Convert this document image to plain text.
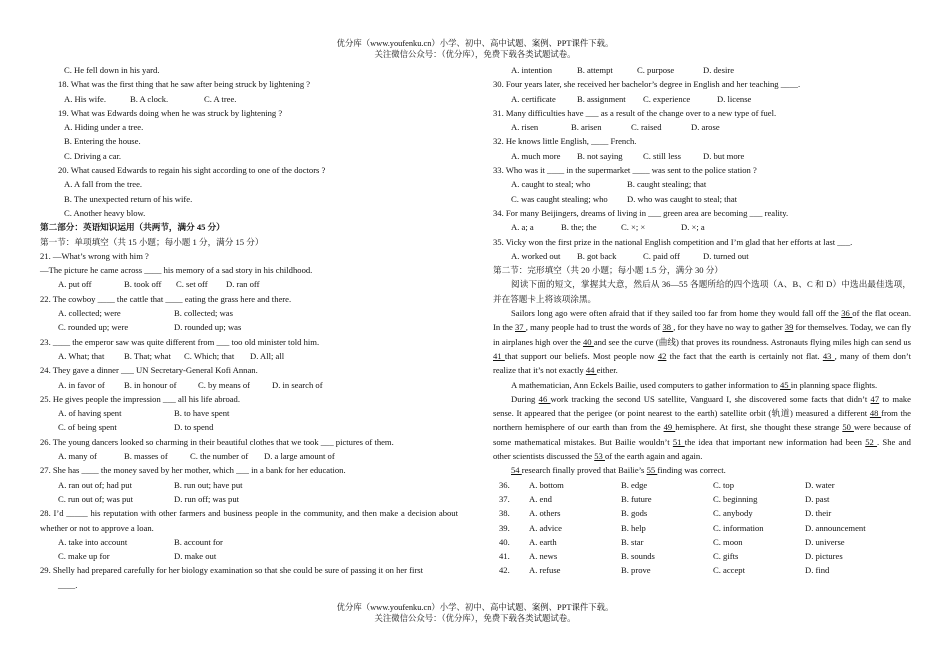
优分库（www.youfenku.cn）小学、初中、高中试题、案例、PPT课件下载。
关注微信公众号：（优分库），免费下载各类试题试卷。
C. He fell down in his yard.
18. What was the first thing that he saw after being struck by lightening ?
A. His wife.	B. A clock.	C. A tree.
19. What was Edwards doing when he was struck by lightening ?
A. Hiding under a tree.
B. Entering the house.
C. Driving a car.
20. What caused Edwards to regain his sight according to one of the doctors ?
A. A fall from the tree.
B. The unexpected return of his wife.
C. Another heavy blow.
第二部分：英语知识运用（共两节，满分 45 分）
第一节：单项填空（共 15 小题；每小题 1 分，满分 15 分）
21. —What’s wrong with him ?
—The picture he came across ____ his memory of a sad story in his childhood.
A. put off	B. took off C. set off D. ran off
22. The cowboy ____ the cattle that ____ eating the grass here and there.
A. collected; were	B. collected; was
C. rounded up; were	D. rounded up; was
23. ____ the emperor saw was quite different from ___ too old minister told him.
A. What; that B. That; what C. Which; that D. All; all
24. They gave a dinner ___ UN Secretary-General Kofi Annan.
A. in favor of B. in honour of C. by means of	D. in search of
25. He gives people the impression ___ all his life abroad.
A. of having spent	B. to have spent
C. of being spent	D. to spend
26. The young dancers looked so charming in their beautiful clothes that we took ___ pictures of them.
A. many of	B. masses of	C. the number of D. a large amount of
27. She has ____ the money saved by her mother, which ___ in a bank for her education.
A. ran out of; had put	B. run out; have put
C. run out of; was put	D. run off; was put
28. I’d _____ his reputation with other farmers and business people in the community, and then make a decision about whether or not to approve a loan.
A. take into account	B. account for
C. make up for	D. make out
29. Shelly had prepared carefully for her biology examination so that she could be sure of passing it on her first
____.
A. intention	B. attempt	C. purpose	D. desire
30. Four years later, she received her bachelor’s degree in English and her teaching ____.
A. certificate B. assignment C. experience	D. license
31. Many difficulties have ___ as a result of the change over to a new type of fuel.
A. risen	B. arisen	C. raised	D. arose
32. He knows little English, ____ French.
A. much more B. not saying C. still less	D. but more
33. Who was it ____ in the supermarket ____ was sent to the police station ?
A. caught to steal; who	B. caught stealing; that
C. was caught stealing; who D. who was caught to steal; that
34. For many Beijingers, dreams of living in ___ green area are becoming ___ reality.
A. a; a	B. the; the	C. ×; ×	D. ×; a
35. Vicky won the first prize in the national English competition and I’m glad that her efforts at last ___.
A. worked out B. got back	C. paid off	D. turned out
第二节：完形填空（共 20 小题；每小题 1.5 分，满分 30 分）
阅读下面的短文，掌握其大意，然后从 36—55 各题所给的四个选项（A、B、C 和 D）中选出最佳选项，并在答题卡上将该项涂黑。
Sailors long ago were often afraid that if they sailed too far from home they would fall off the 36 of the flat ocean. In the 37 , many people had to trust the words of 38 , for they have no way to gather 39 for themselves. Today, we can fly in airplanes high over the 40 and see the curve (曲线) that proves its roundness. Astronauts flying miles high can send us 41 that support our beliefs. Most people now 42 the fact that the earth is certainly not flat. 43 , many of them don’t realize that it’s not exactly 44 either.
A mathematician, Ann Eckels Bailie, used computers to gather information to 45 in planning space flights.
During 46 work tracking the second US satellite, Vanguard I, she discovered some facts that didn’t 47 to make sense. It appeared that the perigee (or point nearest to the earth) satellite orbit (轨道) measured a different 48 from the northern hemisphere of our earth than from the 49 hemisphere. At first, she thought these strange 50 were because of some mathematical mistakes. But Bailie wouldn’t 51 the idea that important new information had been 52 . She and other scientists discussed the 53 of the earth again and again.
54 research finally proved that Bailie’s 55 finding was correct.
36.	A. bottom	B. edge	C. top	D. water
37.	A. end	B. future	C. beginning	D. past
38.	A. others	B. gods	C. anybody	D. their
39.	A. advice	B. help	C. information	D. announcement
40.	A. earth	B. star	C. moon	D. universe
41.	A. news	B. sounds	C. gifts	D. pictures
42.	A. refuse	B. prove	C. accept	D. find
优分库（www.youfenku.cn）小学、初中、高中试题、案例、PPT课件下载。
关注微信公众号：（优分库），免费下载各类试题试卷。
